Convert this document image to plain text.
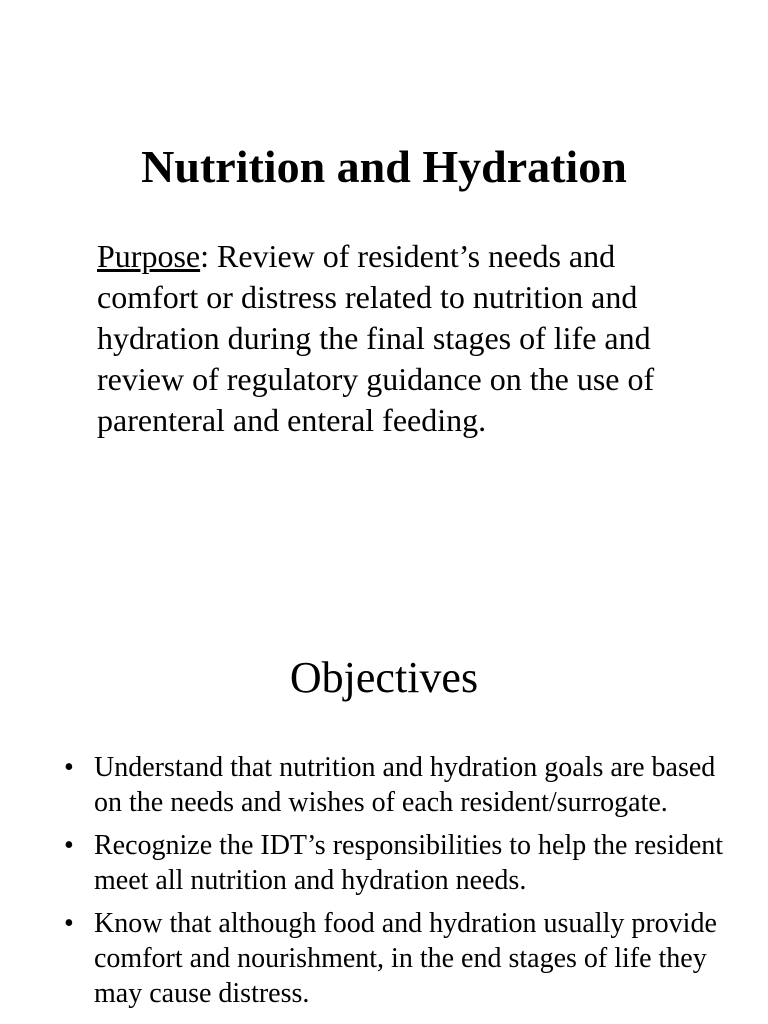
Nutrition and Hydration

Purpose: Review of resident’s needs and comfort or distress related to nutrition and hydration during the final stages of life and review of regulatory guidance on the use of parenteral and enteral feeding.

Objectives
• Understand that nutrition and hydration goals are based on the needs and wishes of each resident/surrogate.
• Recognize the IDT’s responsibilities to help the resident meet all nutrition and hydration needs.
• Know that although food and hydration usually provide comfort and nourishment, in the end stages of life they may cause distress.
